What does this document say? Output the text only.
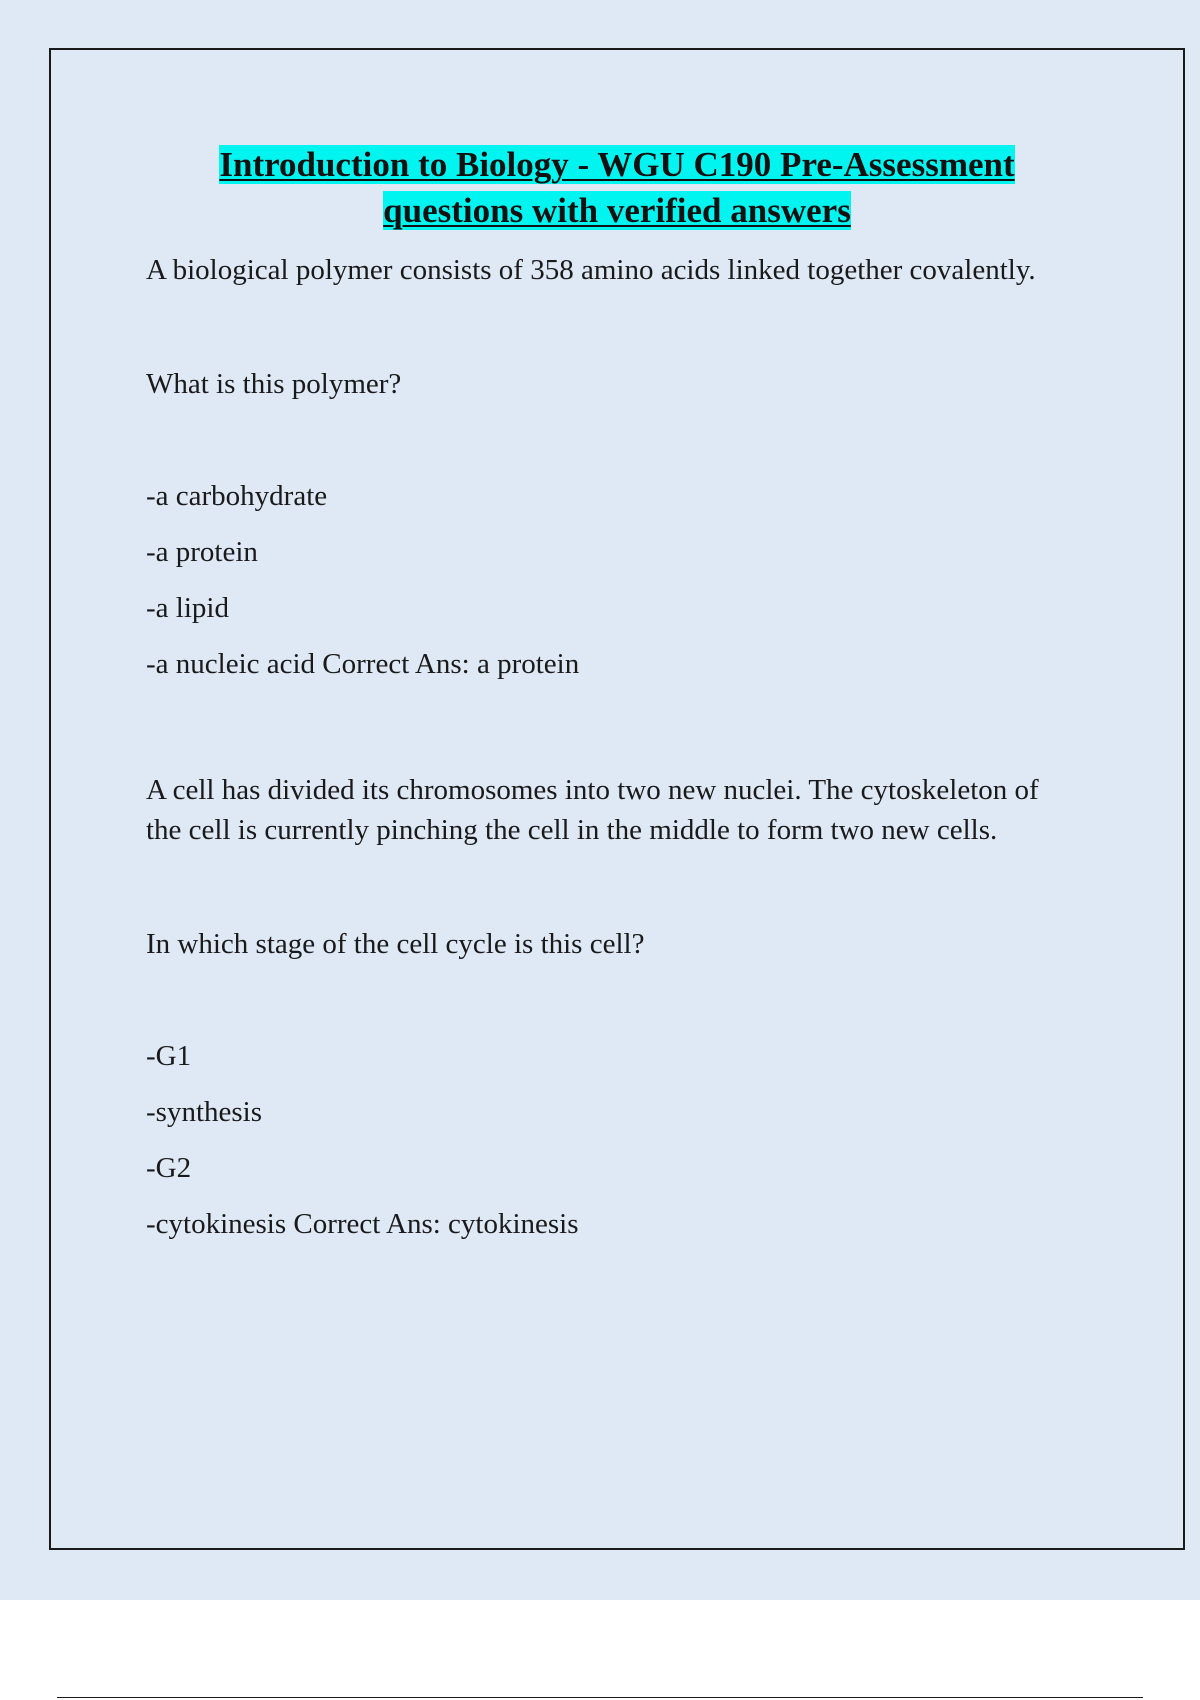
Introduction to Biology - WGU C190 Pre-Assessment
questions with verified answers

A biological polymer consists of 358 amino acids linked together covalently.

What is this polymer?

-a carbohydrate

-a protein

-a lipid

-a nucleic acid Correct Ans: a protein

A cell has divided its chromosomes into two new nuclei. The cytoskeleton of the cell is currently pinching the cell in the middle to form two new cells.

In which stage of the cell cycle is this cell?

-G1

-synthesis

-G2

-cytokinesis Correct Ans: cytokinesis
